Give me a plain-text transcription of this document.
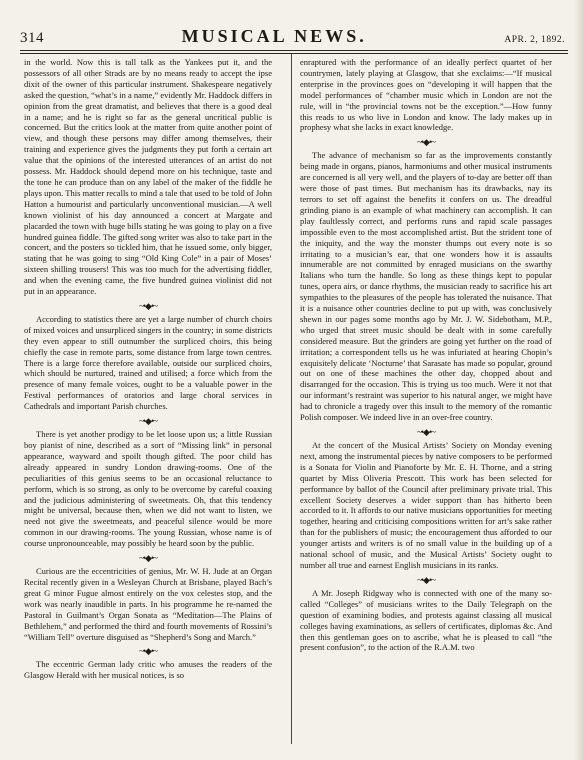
314	MUSICAL NEWS.	APR. 2, 1892.

in the world. Now this is tall talk as the Yankees put it, and the possessors of all other Strads are by no means ready to accept the ipse dixit of the owner of this particular instrument. Shakespeare negatively asked the question, “what’s in a name,” evidently Mr. Haddock differs in opinion from the great dramatist, and believes that there is a good deal in a name; and he is right so far as the general uncritical public is concerned. But the critics look at the matter from quite another point of view, and though these persons may differ among themselves, their training and experience gives the judgments they put forth a certain art value that the opinions of the interested utterances of an artist do not possess. Mr. Haddock should depend more on his technique, taste and the tone he can produce than on any label of the maker of the fiddle he plays upon. This matter recalls to mind a tale that used to be told of John Hatton a humourist and particularly unconventional musician.—A well known violinist of his day announced a concert at Margate and placarded the town with huge bills stating he was going to play on a five hundred guinea fiddle. The gifted song writer was also to take part in the concert, and the posters so tickled him, that he issued some, only bigger, stating that he was going to sing “Old King Cole” in a pair of Moses’ sixteen shilling trousers! This was too much for the advertising fiddler, and when the evening came, the five hundred guinea violinist did not put in an appearance.

~•◆•~

According to statistics there are yet a large number of church choirs of mixed voices and unsurpliced singers in the country; in some districts they even appear to still outnumber the surpliced choirs, this being chiefly the case in remote parts, some distance from large town centres. There is a large force therefore available, outside our surpliced choirs, which should be nurtured, trained and utilised; a force which from the presence of many female voices, ought to be a valuable power in the Festival performances of oratorios and large choral services in Cathedrals and important Parish churches.

~•◆•~

There is yet another prodigy to be let loose upon us; a little Russian boy pianist of nine, described as a sort of “Missing link” in personal appearance, wayward and spoilt though gifted. The poor child has already appeared in sundry London drawing-rooms. One of the peculiarities of this genius seems to be an occasional reluctance to perform, which is so strong, as only to be overcome by careful coaxing and the judicious administering of sweetmeats. Oh, that this tendency might be universal, because then, when we did not want to listen, we need not give the sweetmeats, and peaceful silence would be more common in our drawing-rooms. The young Russian, whose name is of course unpronounceable, may possibly be heard soon by the public.

~•◆•~

Curious are the eccentricities of genius, Mr. W. H. Jude at an Organ Recital recently given in a Wesleyan Church at Brisbane, played Bach’s great G minor Fugue almost entirely on the vox celestes stop, and the work was nearly inaudible in parts. In his programme he re-named the Pastoral in Guilmant’s Organ Sonata as “Meditation—The Plains of Bethlehem,” and performed the third and fourth movements of Rossini’s “William Tell” overture disguised as “Shepherd’s Song and March.”

~•◆•~

The eccentric German lady critic who amuses the readers of the Glasgow Herald with her musical notices, is so

enraptured with the performance of an ideally perfect quartet of her countrymen, lately playing at Glasgow, that she exclaims:—“If musical enterprise in the provinces goes on “developing it will happen that the model performances of “chamber music which in London are not the rule, will in “the provincial towns not be the exception.”—How funny this reads to us who live in London and know. The lady makes up in prophesy what she lacks in exact knowledge.

~•◆•~

The advance of mechanism so far as the improvements constantly being made in organs, pianos, harmoniums and other musical instruments are concerned is all very well, and the players of to-day are better off than were those of past times. But mechanism has its drawbacks, nay its terrors to set off against the benefits it confers on us. The dreadful grinding piano is an example of what machinery can accomplish. It can play faultlessly correct, and performs runs and rapid scale passages impossible even to the most accomplished artist. But the strident tone of the iniquity, and the way the monster thumps out every note is so irritating to a musician’s ear, that one wonders how it is assaults innumerable are not committed by enraged musicians on the swarthy Italians who turn the handle. So long as these things kept to popular tunes, opera airs, or dance rhythms, the musician ready to sacrifice his art sympathies to the pleasures of the people has tolerated the nuisance. That it is a nuisance other countries decline to put up with, was conclusively shewn in our pages some months ago by Mr. J. W. Sidebotham, M.P., who urged that street music should be dealt with in some carefully considered measure. But the grinders are going yet further on the road of irritation; a correspondent tells us he was infuriated at hearing Chopin’s exquisitely delicate ‘Nocturne’ that Sarasate has made so popular, ground out on one of these machines the other day, chopped about and disarranged for the occasion. This is trying us too much. Were it not that our informant’s restraint was superior to his natural anger, we might have had to chronicle a tragedy over this insult to the memory of the romantic Polish composer. We indeed live in an over-free country.

~•◆•~

At the concert of the Musical Artists’ Society on Monday evening next, among the instrumental pieces by native composers to be performed is a Sonata for Violin and Pianoforte by Mr. E. H. Thorne, and a string quartet by Miss Oliveria Prescott. This work has been selected for performance by ballot of the Council after preliminary private trial. This excellent Society deserves a wider support than has hitherto been accorded to it. It affords to our native musicians opportunities for meeting together, hearing and criticising compositions written for art’s sake rather than for the publishers of music; the encouragement thus afforded to our younger artists and writers is of no small value in the building up of a national school of music, and the Musical Artists’ Society ought to number all true and earnest English musicians in its ranks.

~•◆•~

A Mr. Joseph Ridgway who is connected with one of the many so-called “Colleges” of musicians writes to the Daily Telegraph on the question of examining bodies, and protests against classing all musical colleges having examinations, as sellers of certificates, diplomas &c. And then this gentleman goes on to ascribe, what he is pleased to call “the present confusion”, to the action of the R.A.M. two
